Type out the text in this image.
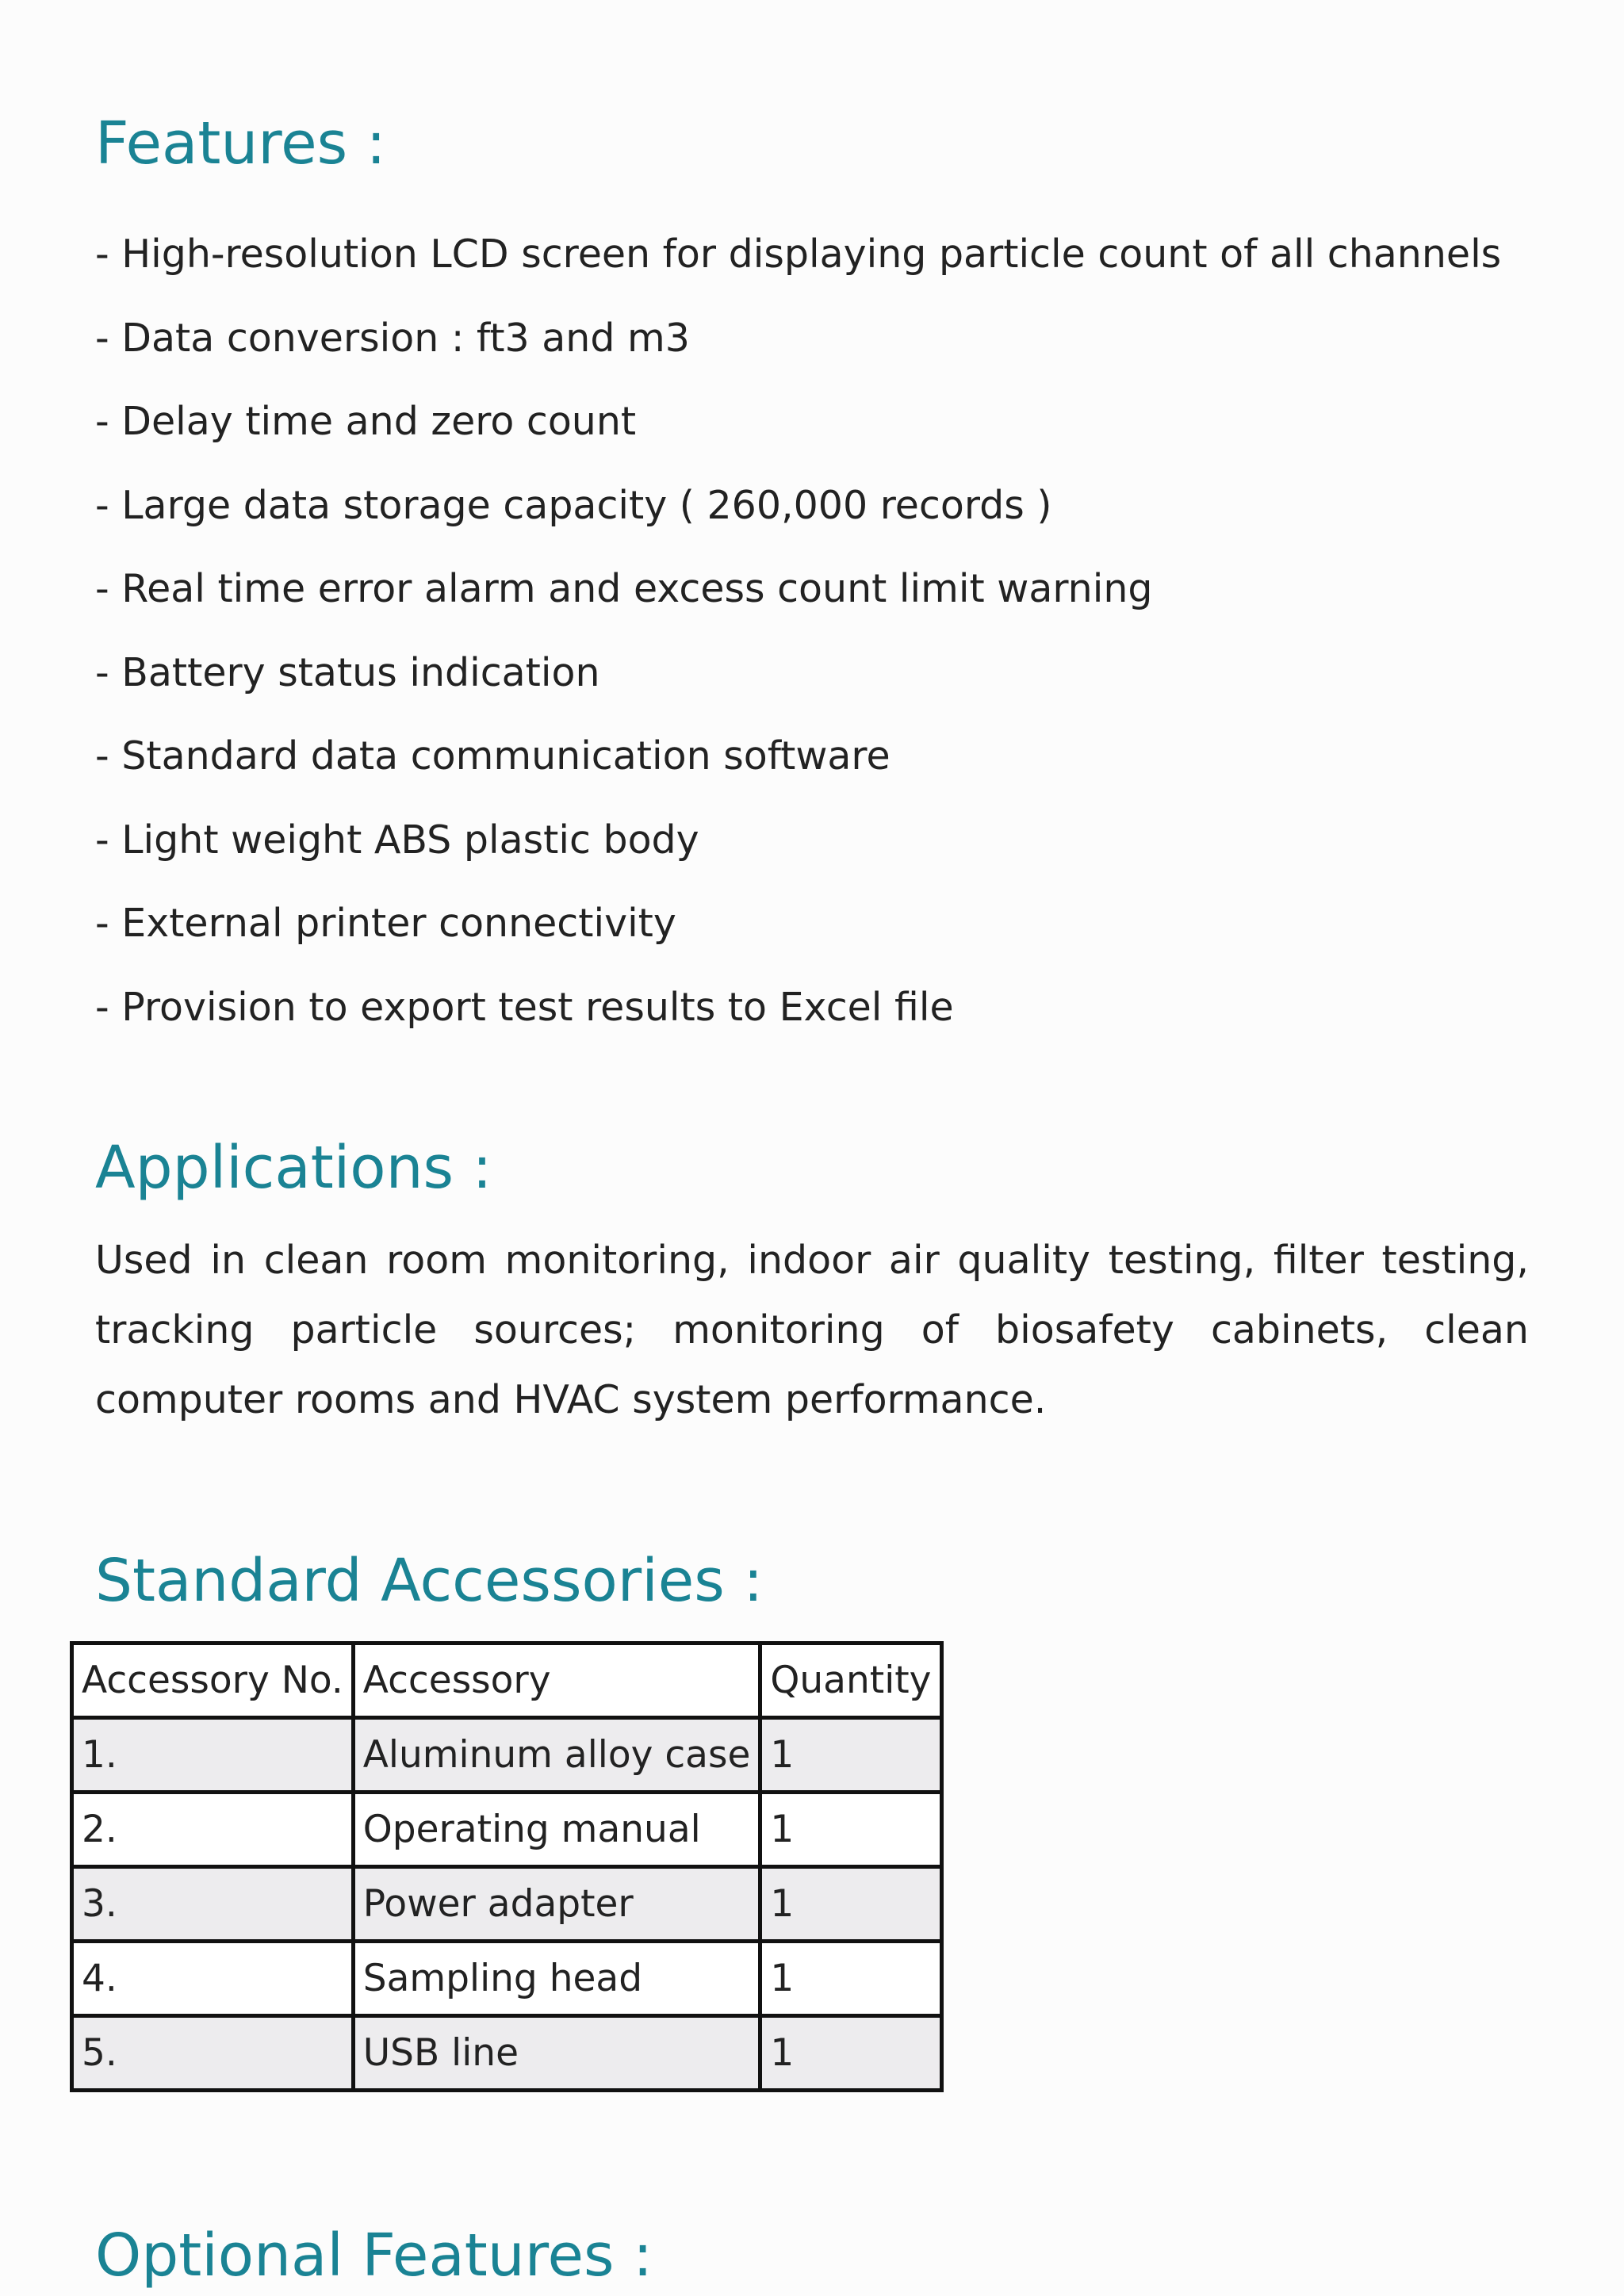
Features :
- High-resolution LCD screen for displaying particle count of all channels
- Data conversion : ft3 and m3
- Delay time and zero count
- Large data storage capacity ( 260,000 records )
- Real time error alarm and excess count limit warning
- Battery status indication
- Standard data communication software
- Light weight ABS plastic body
- External printer connectivity
- Provision to export test results to Excel file
Applications :

Used in clean room monitoring, indoor air quality testing, filter testing,
tracking particle sources; monitoring of biosafety cabinets, clean
computer rooms and HVAC system performance.

Standard Accessories :
Accessory No.	Accessory	Quantity
1.	Aluminum alloy case	1
2.	Operating manual	1
3.	Power adapter	1
4.	Sampling head	1
5.	USB line	1
Optional Features :
